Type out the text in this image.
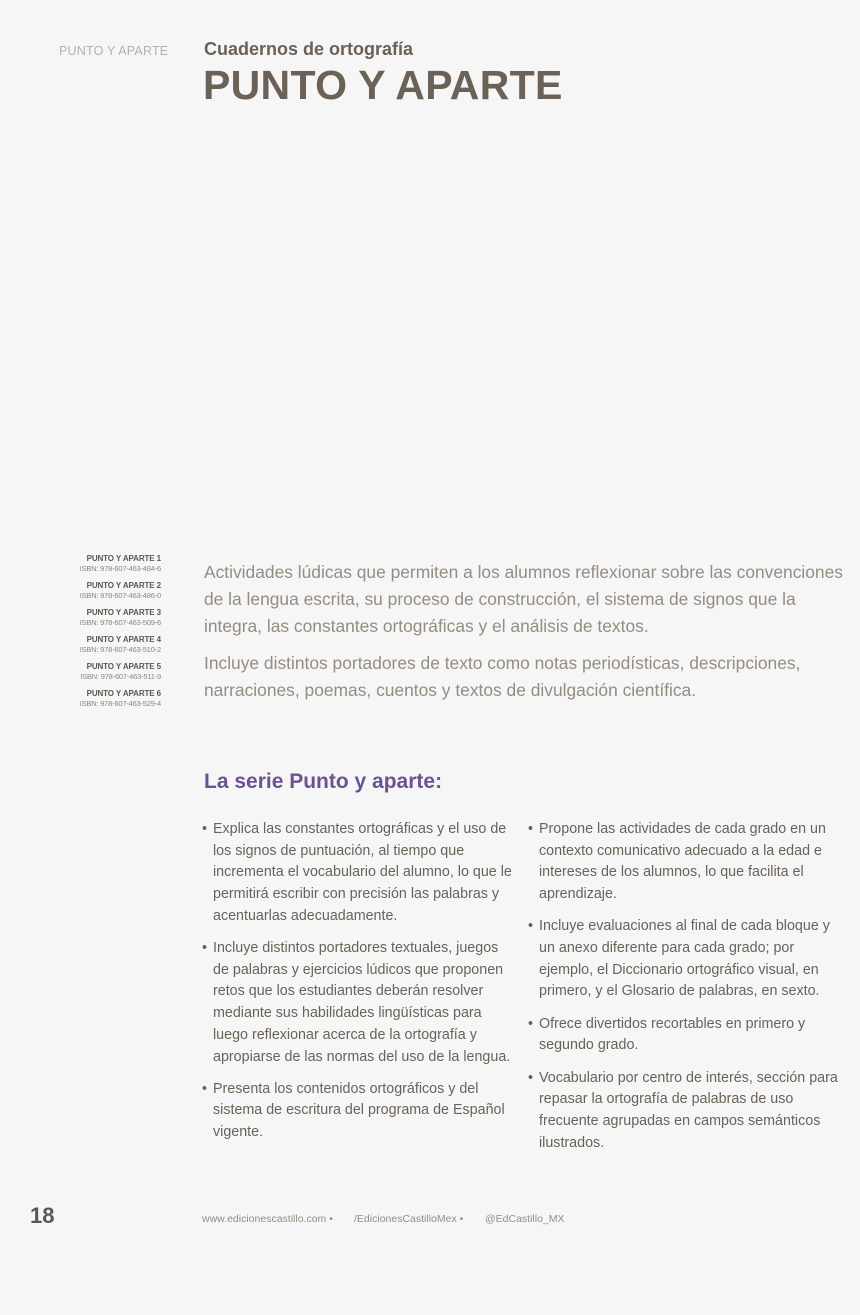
PUNTO Y APARTE Cuadernos de ortografía
PUNTO Y APARTE
PUNTO Y APARTE 1
ISBN: 978-607-463-484-6
PUNTO Y APARTE 2
ISBN: 978-607-463-486-0
PUNTO Y APARTE 3
ISBN: 978-607-463-509-6
PUNTO Y APARTE 4
ISBN: 978-607-463-510-2
PUNTO Y APARTE 5
ISBN: 978-607-463-511-9
PUNTO Y APARTE 6
ISBN: 978-607-463-529-4

Actividades lúdicas que permiten a los alumnos reflexionar sobre las convenciones de la lengua escrita, su proceso de construcción, el sistema de signos que la integra, las constantes ortográficas y el análisis de textos.

Incluye distintos portadores de texto como notas periodísticas, descripciones, narraciones, poemas, cuentos y textos de divulgación científica.

La serie Punto y aparte:
• Explica las constantes ortográficas y el uso de los signos de puntuación, al tiempo que incrementa el vocabulario del alumno, lo que le permitirá escribir con precisión las palabras y acentuarlas adecuadamente.
• Incluye distintos portadores textuales, juegos de palabras y ejercicios lúdicos que proponen retos que los estudiantes deberán resolver mediante sus habilidades lingüísticas para luego reflexionar acerca de la ortografía y apropiarse de las normas del uso de la lengua.
• Presenta los contenidos ortográficos y del sistema de escritura del programa de Español vigente.
• Propone las actividades de cada grado en un contexto comunicativo adecuado a la edad e intereses de los alumnos, lo que facilita el aprendizaje.
• Incluye evaluaciones al final de cada bloque y un anexo diferente para cada grado; por ejemplo, el Diccionario ortográfico visual, en primero, y el Glosario de palabras, en sexto.
• Ofrece divertidos recortables en primero y segundo grado.
• Vocabulario por centro de interés, sección para repasar la ortografía de palabras de uso frecuente agrupadas en campos semánticos ilustrados.
18	www.edicionescastillo.com •	/EdicionesCastilloMex •	@EdCastillo_MX
